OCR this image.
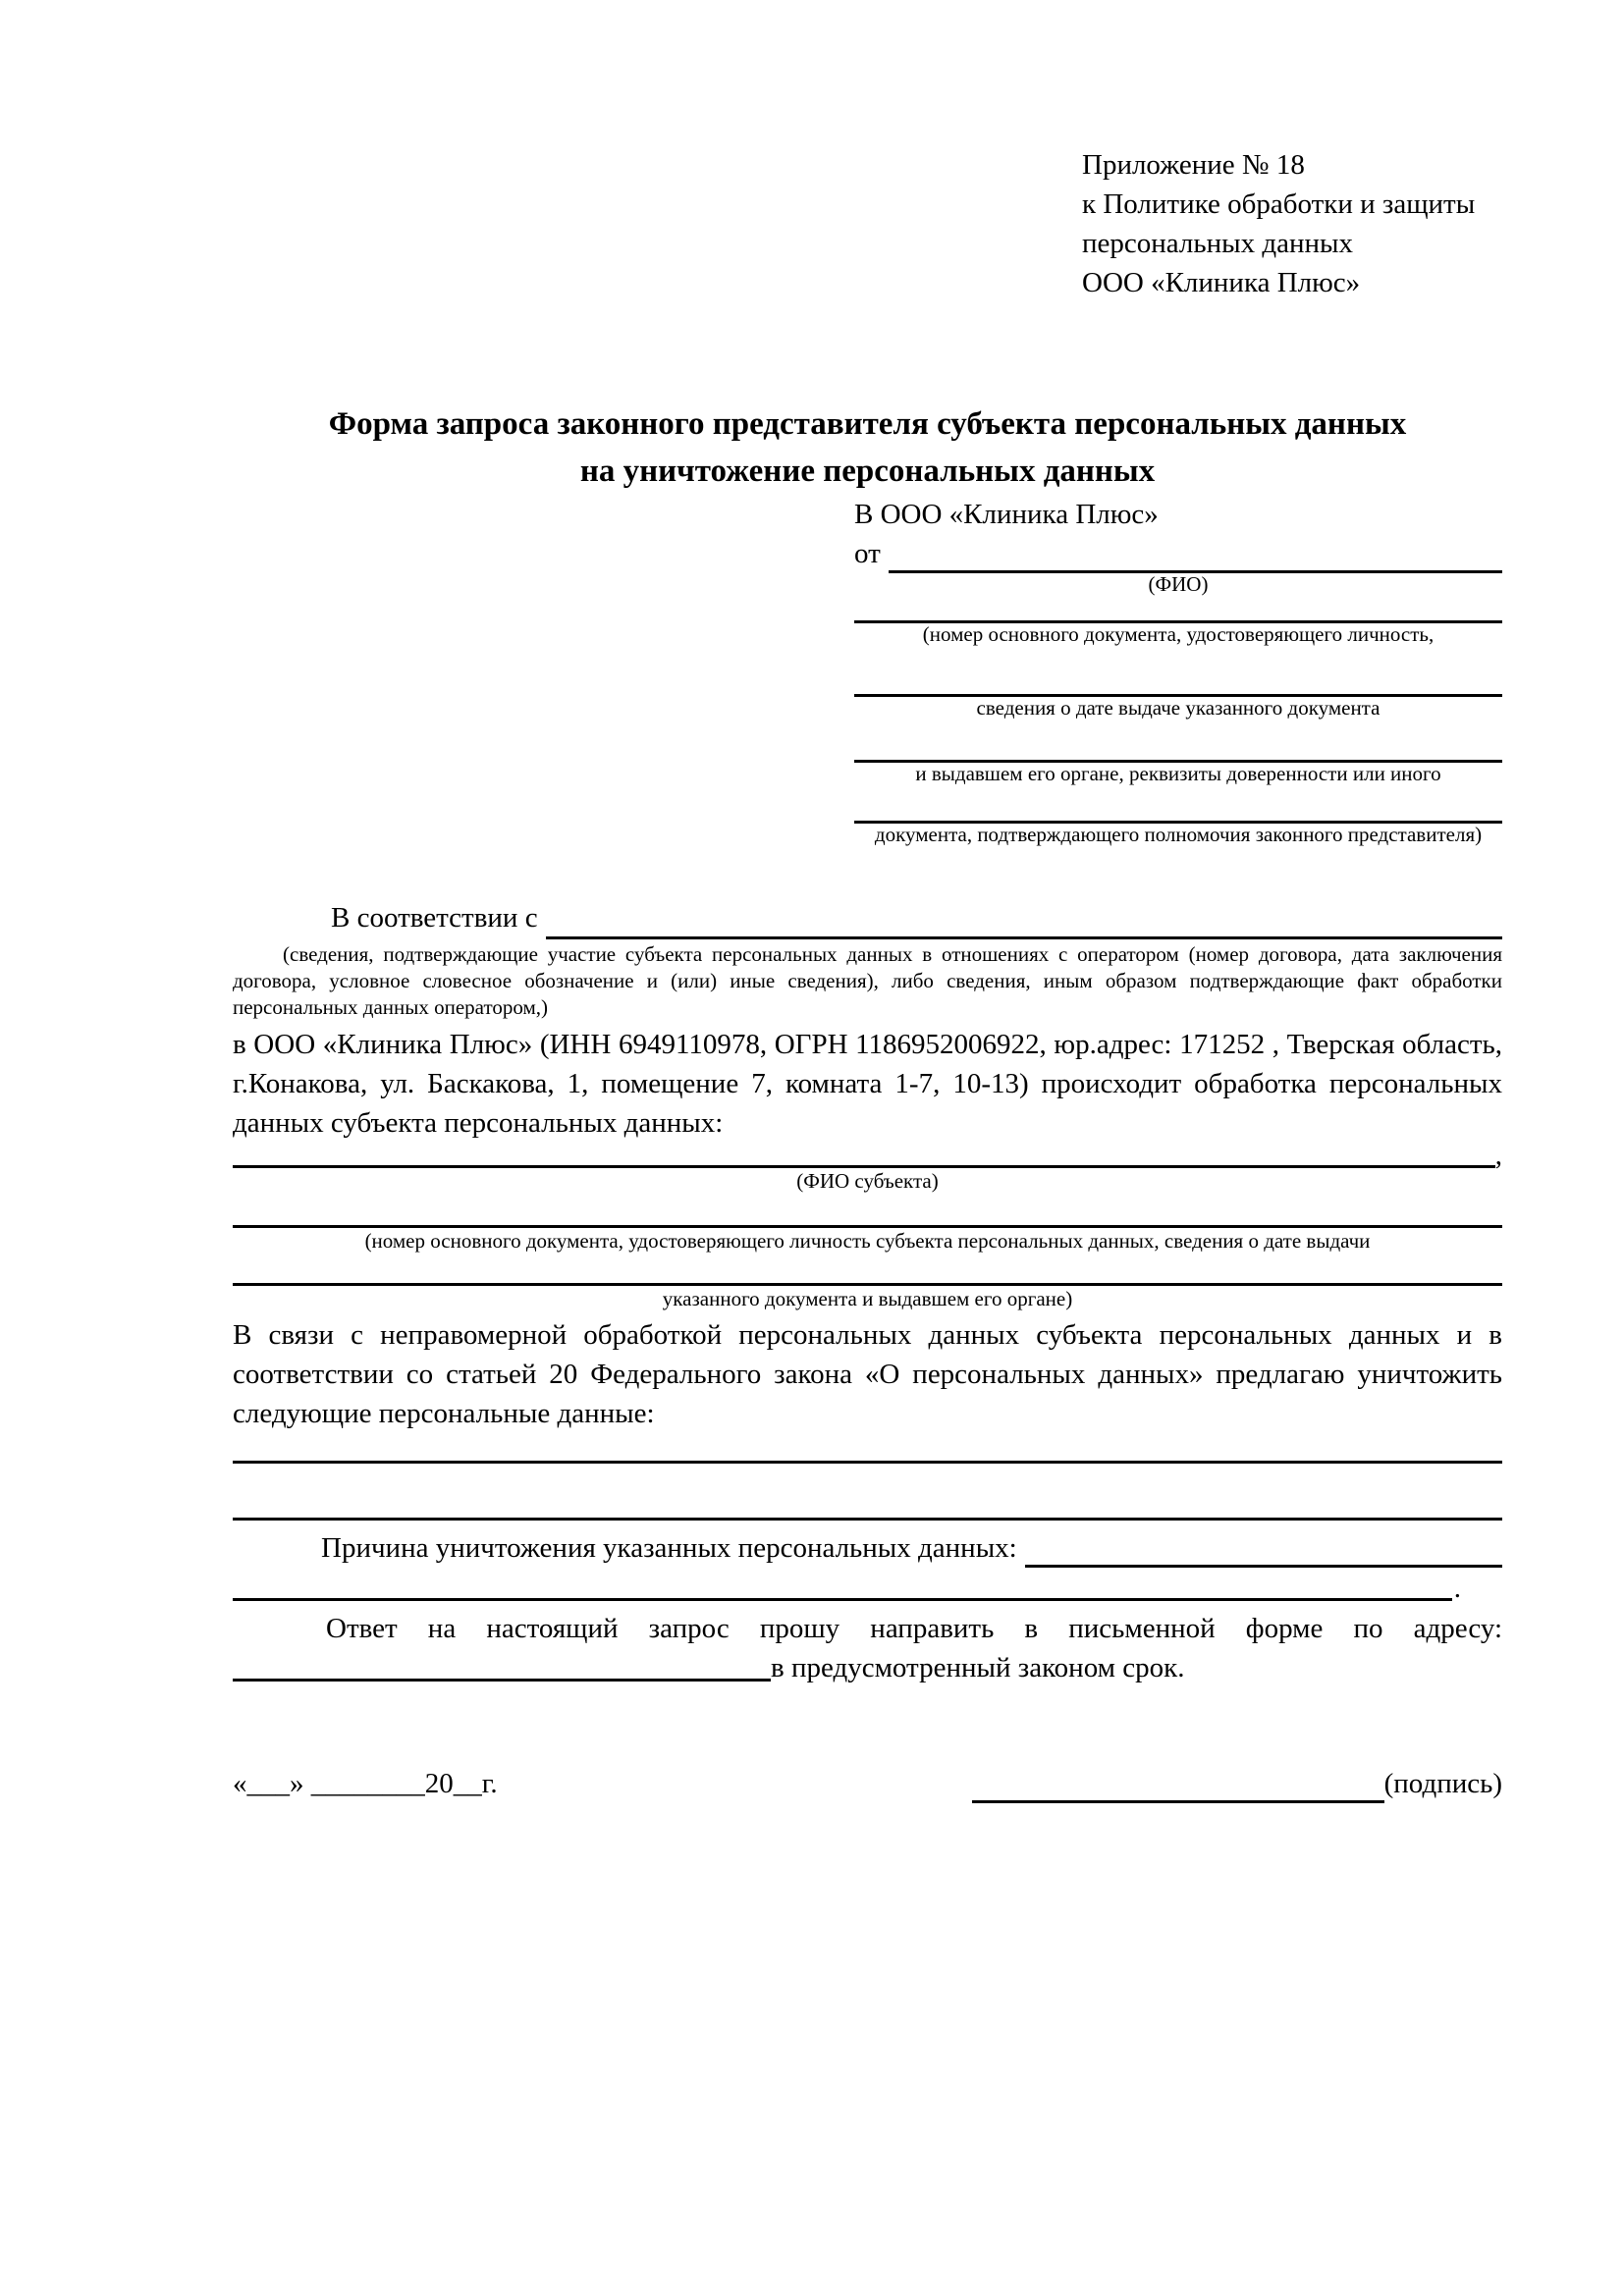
Приложение № 18
к Политике обработки и защиты
персональных данных
ООО «Клиника Плюс»
Форма запроса законного представителя субъекта персональных данных
на уничтожение персональных данных
В ООО «Клиника Плюс»
от
(ФИО)
(номер основного документа, удостоверяющего личность,
сведения о дате выдаче указанного документа
и выдавшем его органе, реквизиты доверенности или иного
документа, подтверждающего полномочия законного представителя)
В соответствии с
(сведения, подтверждающие участие субъекта персональных данных в отношениях с оператором (номер договора, дата заключения договора, условное словесное обозначение и (или) иные сведения), либо сведения, иным образом подтверждающие факт обработки персональных данных оператором,)

в ООО «Клиника Плюс» (ИНН 6949110978, ОГРН 1186952006922, юр.адрес: 171252 , Тверская область, г.Конакова, ул. Баскакова, 1, помещение 7, комната 1-7, 10-13) происходит обработка персональных данных субъекта персональных данных:

,
(ФИО субъекта)
(номер основного документа, удостоверяющего личность субъекта персональных данных, сведения о дате выдачи
указанного документа и выдавшем его органе)

В связи с неправомерной обработкой персональных данных субъекта персональных данных и в соответствии со статьей 20 Федерального закона «О персональных данных» предлагаю уничтожить следующие персональные данные:

Причина уничтожения указанных персональных данных:
.

Ответ на настоящий запрос прошу направить в письменной форме по адресу:

в предусмотренный законом срок.
«___» ________20__г.	(подпись)
